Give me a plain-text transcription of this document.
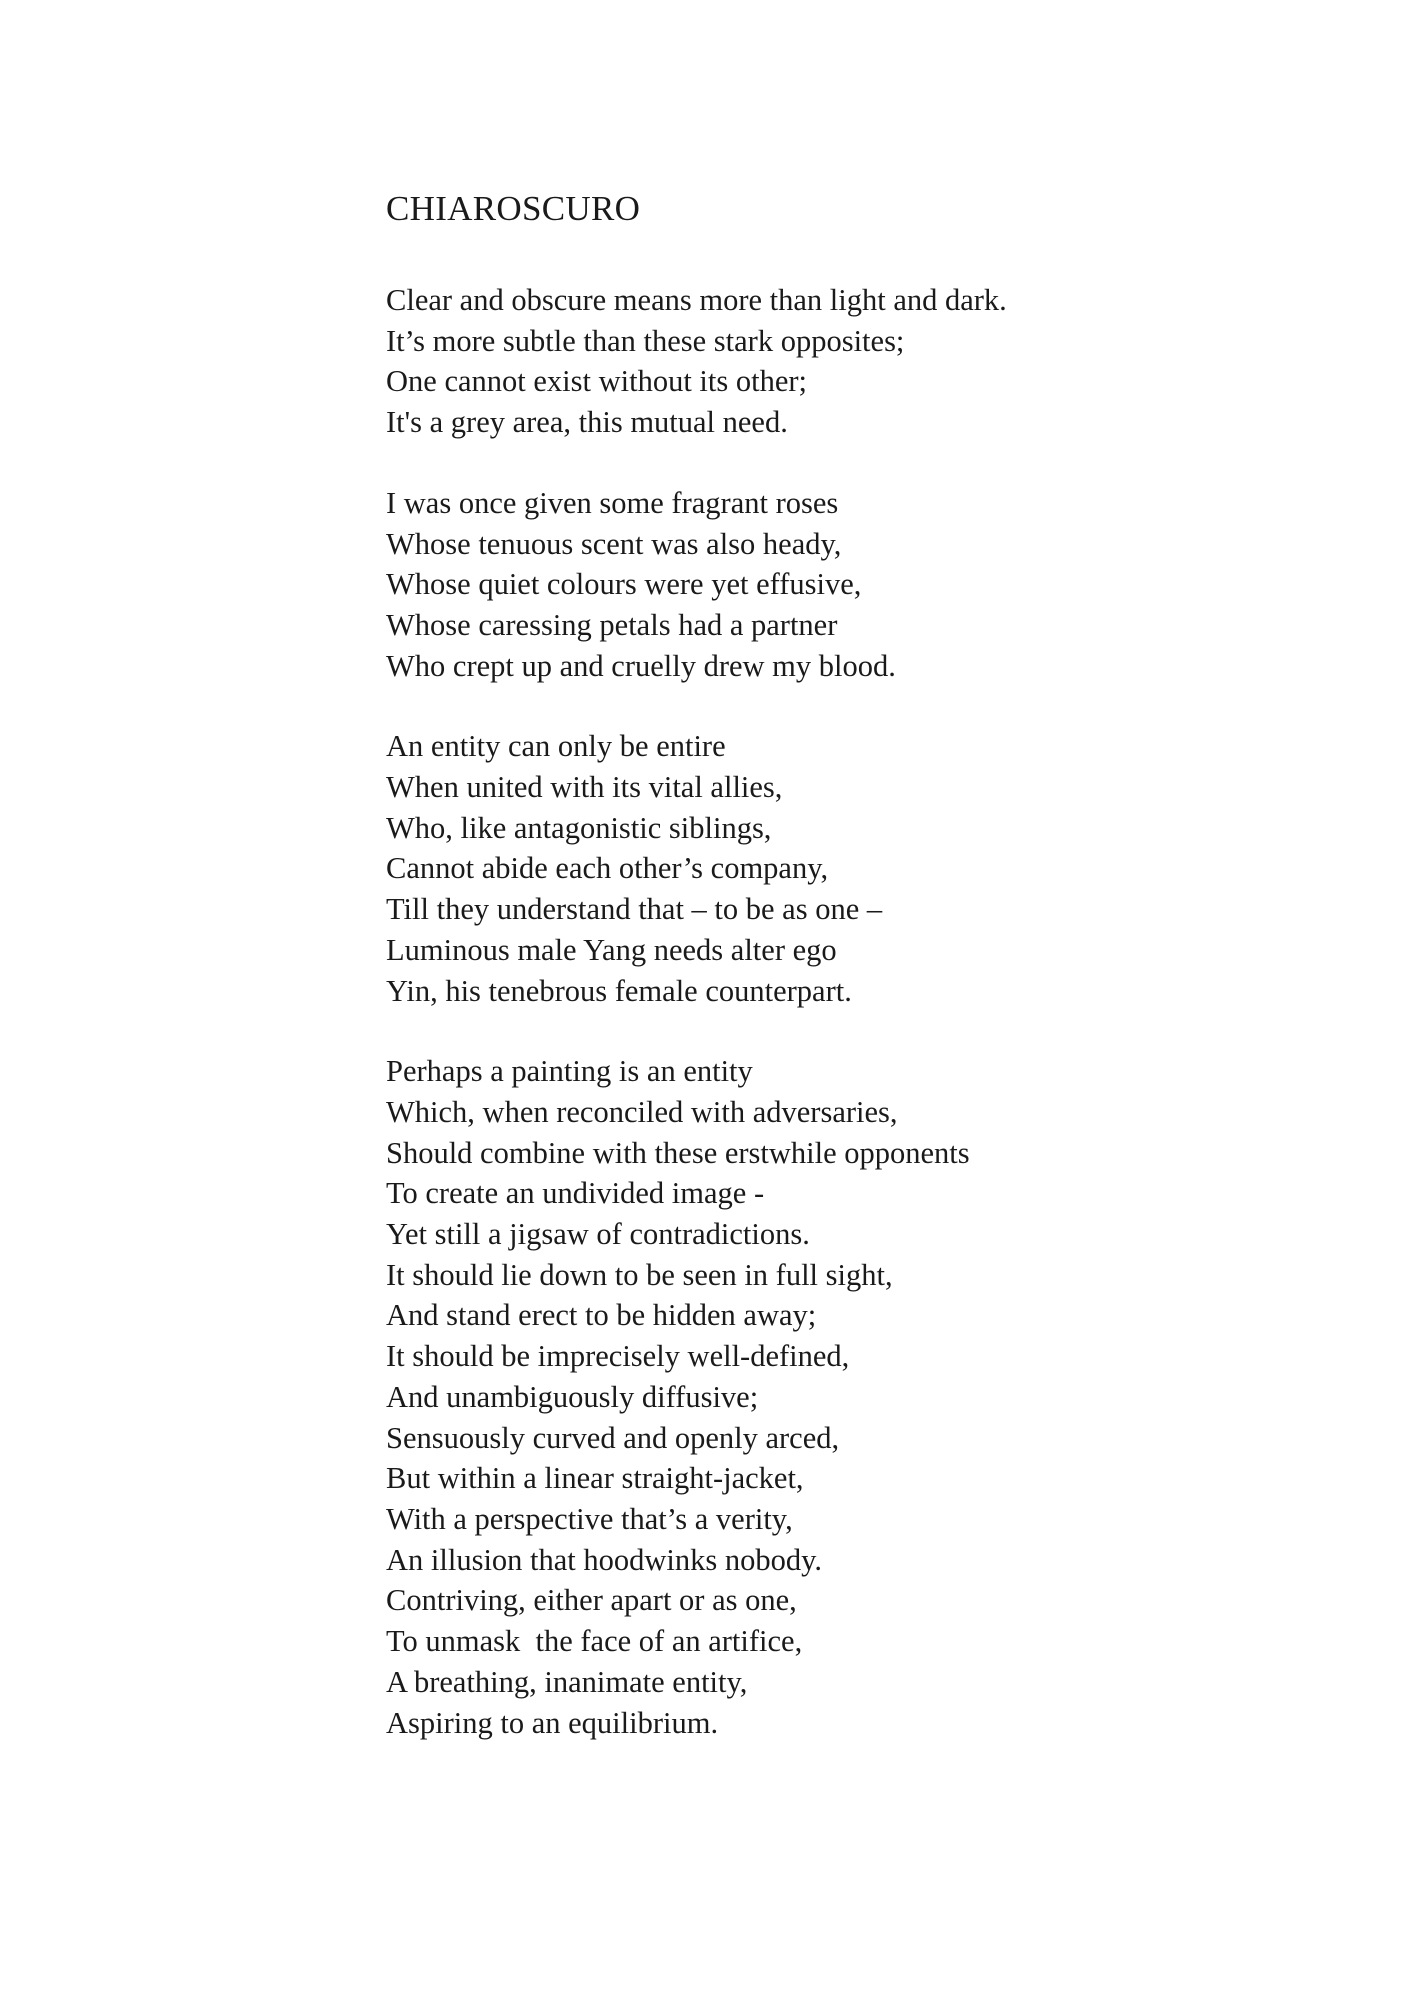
CHIAROSCURO
Clear and obscure means more than light and dark.
It’s more subtle than these stark opposites;
One cannot exist without its other;
It's a grey area, this mutual need.
I was once given some fragrant roses
Whose tenuous scent was also heady,
Whose quiet colours were yet effusive,
Whose caressing petals had a partner
Who crept up and cruelly drew my blood.
An entity can only be entire
When united with its vital allies,
Who, like antagonistic siblings,
Cannot abide each other’s company,
Till they understand that – to be as one –
Luminous male Yang needs alter ego
Yin, his tenebrous female counterpart.
Perhaps a painting is an entity
Which, when reconciled with adversaries,
Should combine with these erstwhile opponents
To create an undivided image -
Yet still a jigsaw of contradictions.
It should lie down to be seen in full sight,
And stand erect to be hidden away;
It should be imprecisely well-defined,
And unambiguously diffusive;
Sensuously curved and openly arced,
But within a linear straight-jacket,
With a perspective that’s a verity,
An illusion that hoodwinks nobody.
Contriving, either apart or as one,
To unmask  the face of an artifice,
A breathing, inanimate entity,
Aspiring to an equilibrium.
